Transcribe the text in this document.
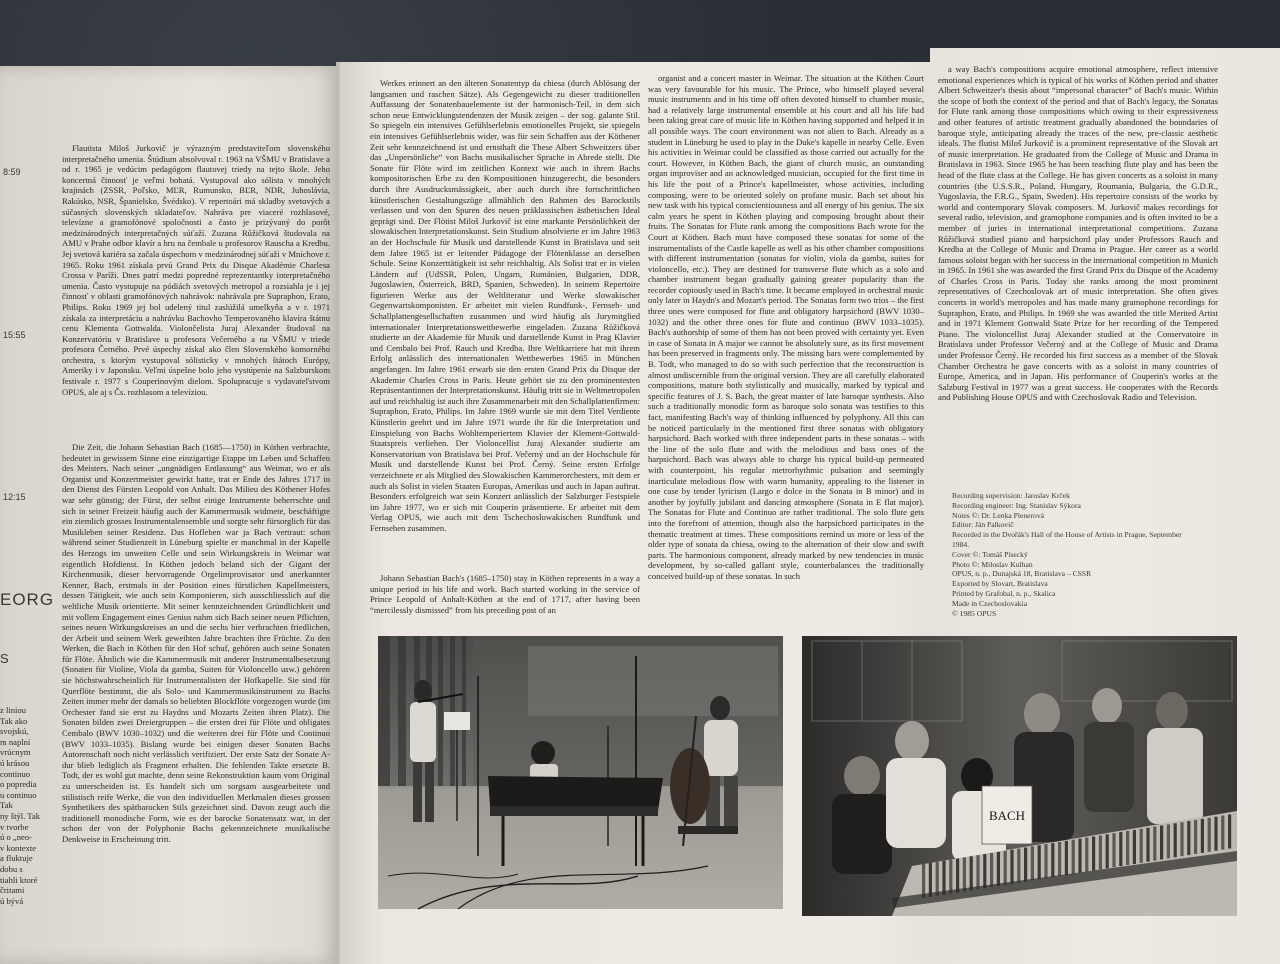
8:59
15:55
12:15
EORG
S

Flautista Miloš Jurkovič je výrazným predstaviteľom slovenského interpretačného umenia. Štúdium absolvoval r. 1963 na VŠMU v Bratislave a od r. 1965 je vedúcim pedagógom flautovej triedy na tejto škole. Jeho koncertná činnosť je veľmi bohatá. Vystupoval ako sólista v mnohých krajinách (ZSSR, Poľsko, MĽR, Rumunsko, BĽR, NDR, Juhoslávia, Rakúsko, NSR, Španielsko, Švédsko). V repertoári má skladby svetových a súčasných slovenských skladateľov. Nahráva pre viaceré rozhlasové, televízne a gramofónové spoločnosti a často je prizývaný do porôt medzinárodných interpretačných súťaží. Zuzana Růžičková študovala na AMU v Prahe odbor klavír a hru na čembale u profesorov Rauscha a Kredbu. Jej svetová kariéra sa začala úspechom v medzinárodnej súťaži v Mníchove r. 1965. Roku 1961 získala prvú Grand Prix du Disque Akadémie Charlesa Crossa v Paríži. Dnes patrí medzi popredné reprezentantky interpretačného umenia. Často vystupuje na pódiách svetových metropol a rozsiahla je i jej činnosť v oblasti gramofónových nahrávok: nahrávala pre Supraphon, Erato, Philips. Roku 1969 jej bol udelený titul zaslúžilá umelkyňa a v r. 1971 získala za interpretáciu a nahrávku Bachovho Temperovaného klavíra štátnu cenu Klementa Gottwalda. Violončelista Juraj Alexander študoval na Konzervatóriu v Bratislave u profesora Večerného a na VŠMU v triede profesora Černého. Prvé úspechy získal ako člen Slovenského komorného orchestra, s ktorým vystupoval sólisticky v mnohých štátoch Európy, Ameriky i v Japonsku. Veľmi úspešne bolo jeho vystúpenie na Salzburskom festivale r. 1977 s Couperinovým dielom. Spolupracuje s vydavateľstvom OPUS, ale aj s Čs. rozhlasom a televíziou.

Die Zeit, die Johann Sebastian Bach (1685—1750) in Köthen verbrachte, bedeutet in gewissem Sinne eine einzigartige Etappe im Leben und Schaffen des Meisters. Nach seiner „ungnädigen Entlassung“ aus Weimar, wo er als Organist und Konzertmeister gewirkt hatte, trat er Ende des Jahres 1717 in den Dienst des Fürsten Leopold von Anhalt. Das Milieu des Köthener Hofes war sehr günstig; der Fürst, der selbst einige Instrumente beherrschte und sich in seiner Freizeit häufig auch der Kammermusik widmete, beschäftigte ein ziemlich grosses Instrumentalensemble und sorgte sehr fürsorglich für das Musikleben seiner Residenz. Das Hofleben war ja Bach vertraut: schon während seiner Studienzeit in Lüneburg spielte er manchmal in der Kapelle des Herzogs im unweiten Celle und sein Wirkungskreis in Weimar war eigentlich Hofdienst. In Köthen jedoch beland sich der Gigant der Kirchenmusik, dieser hervorragende Orgelimprovisator und anerkannter Kenner, Bach, erstmals in der Position eines fürstlichen Kapellmeisters, dessen Tätigkeit, wie auch sein Komponieren, sich ausschliesslich auf die weltliche Musik orientierte. Mit seiner kennzeichnenden Gründlichkeit und mit vollem Engagement eines Genius nahm sich Bach seiner neuen Pflichten, seines neuen Wirkungskreises an und die sechs hier verbrachten friedlichen, der Arbeit und seinem Werk geweihten Jahre brachten ihre Früchte. Zu den Werken, die Bach in Köthen für den Hof schuf, gehören auch seine Sonaten für Flöte. Ähnlich wie die Kammermusik mit anderer Instrumentalbesetzung (Sonaten für Violine, Viola da gamba, Suiten für Violoncello usw.) gehören sie höchstwahrscheinlich für Instrumentalisten der Hofkapelle. Sie sind für Querflöte bestimmt, die als Solo- und Kammermusikinstrument zu Bachs Zeiten immer mehr der damals so beliebten Blockflöte vorgezogen wurde (im Orchester fand sie erst zu Haydns und Mozarts Zeiten ihren Platz). Die Sonaten bilden zwei Dreiergruppen – die ersten drei für Flöte und obligates Cembalo (BWV 1030–1032) und die weiteren drei für Flöte und Continuo (BWV 1033–1035). Bislang wurde bei einigen dieser Sonaten Bachs Autorenschaft noch nicht verlässlich verifiziert. Der erste Satz der Sonate A-dur blieb lediglich als Fragment erhalten. Die fehlenden Takte ersetzte B. Todt, der es wohl gut machte, denn seine Rekonstruktion kaum vom Original zu unterscheiden ist. Es handelt sich um sorgsam ausgearbeitete und stilistisch reife Werke, die von den individuellen Merkmalen dieses grossen Synthetikers des spätbarocken Stils gezeichnet sind. Davon zeugt auch die traditionell monodische Form, wie es der barocke Sonatensatz war, in der schon der von der Polyphonie Bachs gekennzeichnete musikalische Denkweise in Erscheinung tritt.

z liniou
Tak ako
svojskú,
m naplní
vrúcnym
ú krásou
continuo
o popredia
u continuo
Tak
ny štýl. Tak
v tvorbe
ú o „neo-
v kontexte
a fluktuje
dobu s
tiahli ktoré
čritami
ú bývá

Werkes erinnert an den älteren Sonatentyp da chiesa (durch Ablösung der langsamen und raschen Sätze). Als Gegengewicht zu dieser traditionellen Auffassung der Sonatenbauelemente ist der harmonisch-Teil, in dem sich schon neue Entwicklungstendenzen der Musik zeigen – der sog. galante Stil. So spiegeln ein intensives Gefühlserlebnis emotionelles Projekt, sie spiegeln ein intensives Gefühlserlebnis wider, was für sein Schaffen aus der Köthener Zeit sehr kennzeichnend ist und ernsthaft die These Albert Schweitzers über das „Unpersönliche“ von Bachs musikalischer Sprache in Abrede stellt. Die Sonate für Flöte wird im zeitlichen Kontext wie auch in ihrem Bachs kompositorischen Erbe zu den Kompositionen hinzugerecht, die besonders durch ihre Ausdrucksmässigkeit, aber auch durch ihre fortschrittlichen künstlerischen Gestaltungszüge allmählich den Rahmen des Barockstils verlassen und von den Spuren des neuen präklassischen ästhetischen Ideal geprägt sind. Der Flötist Miloš Jurkovič ist eine markante Persönlichkeit der slowakischen Interpretationskunst. Sein Studium absolvierte er im Jahre 1963 an der Hochschule für Musik und darstellende Kunst in Bratislava und seit dem Jahre 1965 ist er leitender Pädagoge der Flötenklasse an derselben Schule. Seine Konzerttätigkeit ist sehr reichhaltig. Als Solist trat er in vielen Ländern auf (UdSSR, Polen, Ungarn, Rumänien, Bulgarien, DDR, Jugoslawien, Österreich, BRD, Spanien, Schweden). In seinem Repertoire figurieren Werke aus der Weltliteratur und Werke slowakischer Gegenwartskomponisten. Er arbeitet mit vielen Rundfunk-, Fernseh- und Schallplattengesellschaften zusammen und wird häufig als Jurymitglied internationaler Interpretationswettbewerbe eingeladen. Zuzana Růžičková studierte an der Akademie für Musik und darstellende Kunst in Prag Klavier und Cembalo bei Prof. Rauch und Kredba. Ihre Weltkarriere hat mit ihrem Erfolg anlässlich des internationalen Wettbewerbes 1965 in München angefangen. Im Jahre 1961 erwarb sie den ersten Grand Prix du Disque der Akademie Charles Cross in Paris. Heute gehört sie zu den prominentesten Repräsentantinnen der Interpretationskunst. Häufig tritt sie in Weltmetropolen auf und reichhaltig ist auch ihre Zusammenarbeit mit den Schallplattenfirmen: Supraphon, Erato, Philips. Im Jahre 1969 wurde sie mit dem Titel Verdiente Künstlerin geehrt und im Jahre 1971 wurde ihr für die Interpretation und Einspielung von Bachs Wohltemperiertem Klavier der Klement-Gottwald-Staatspreis verliehen. Der Violoncellist Juraj Alexander studierte am Konservatorium von Bratislava bei Prof. Večerný und an der Hochschule für Musik und darstellende Kunst bei Prof. Černý. Seine ersten Erfolge verzeichnete er als Mitglied des Slowakischen Kammerorchesters, mit dem er auch als Solist in vielen Staaten Europas, Amerikas und auch in Japan auftrat. Besonders erfolgreich war sein Konzert anlässlich der Salzburger Festspiele im Jahre 1977, wo er sich mit Couperin präsentierte. Er arbeitet mit dem Verlag OPUS, wie auch mit dem Tschechoslowakischen Rundfunk und Fernsehen zusammen.

Johann Sebastian Bach's (1685–1750) stay in Köthen represents in a way a unique period in his life and work. Bach started working in the service of Prince Leopold of Anhalt-Köthen at the end of 1717, after having been “mercilessly dismissed” from his preceding post of an

organist and a concert master in Weimar. The situation at the Köthen Court was very favourable for his music. The Prince, who himself played several music instruments and in his time off often devoted himself to chamber music, had a relatively large instrumental ensemble at his court and all his life had been taking great care of music life in Köthen having supported and helped it in all possible ways. The court environment was not alien to Bach. Already as a student in Lüneburg he used to play in the Duke's kapelle in nearby Celle. Even his activities in Weimar could be classified as those carried out actually for the court. However, in Köthen Bach, the giant of church music, an outstanding organ improviser and an acknowledged musician, occupied for the first time in his life the post of a Prince's kapellmeister, whose activities, including composing, were to be oriented solely on profane music. Bach set about his new task with his typical conscientiousness and all energy of his genius. The six calm years he spent in Köthen playing and composing brought about their fruits. The Sonatas for Flute rank among the compositions Bach wrote for the Court at Köthen. Bach must have composed these sonatas for some of the instrumentalists of the Castle kapelle as well as his other chamber compositions with different instrumentation (sonatas for violin, viola da gamba, suites for violoncello, etc.). They are destined for transverse flute which as a solo and chamber instrument began gradually gaining greater popularity than the recorder copiously used in Bach's time. It became employed in orchestral music only later in Haydn's and Mozart's period. The Sonatas form two trios – the first three ones were composed for flute and obligatory harpsichord (BWV 1030–1032) and the other three ones for flute and continuo (BWV 1033–1035). Bach's authorship of some of them has not been proved with certainty yet. Even in case of Sonata in A major we cannot be absolutely sure, as its first movement has been preserved in fragments only. The missing bars were complemented by B. Todt, who managed to do so with such perfection that the reconstruction is almost undiscernible from the original version. They are all carefully elaborated compositions, mature both stylistically and musically, marked by typical and specific features of J. S. Bach, the great master of late baroque synthesis. Also such a traditionally monodic form as baroque solo sonata was testifies to this fact, manifesting Bach's way of thinking influenced by polyphony. All this can be noticed particularly in the mentioned first three sonatas with obligatory harpsichord. Bach worked with three independent parts in these sonatas – with the line of the solo flute and with the melodious and bass ones of the harpsichord. Bach was always able to charge his typical build-up permeated with counterpoint, his regular metrorhythmic pulsation and seemingly inarticulate melodious flow with warm humanity, appealing to the listener in one case by tender lyricism (Largo e dolce in the Sonata in B minor) and in another by joyfully jubilant and dancing atmosphere (Sonata in E flat major). The Sonatas for Flute and Continuo are rather traditional. The solo flute gets into the forefront of attention, though also the harpsichord participates in the thematic treatment at times. These compositions remind us more or less of the older type of sonata da chiesa, owing to the alternation of their slow and swift parts. The harmonious component, already marked by new tendencies in music development, by so-called gallant style, counterbalances the traditionally conceived build-up of these sonatas. In such

a way Bach's compositions acquire emotional atmosphere, reflect intensive emotional experiences which is typical of his works of Köthen period and shatter Albert Schweitzer's thesis about “impersonal character” of Bach's music. Within the scope of both the context of the period and that of Bach's legacy, the Sonatas for Flute rank among those compositions which owing to their expressiveness and other features of artistic treatment gradually abandoned the boundaries of baroque style, anticipating already the traces of the new, pre-classic aesthetic ideals. The flutist Miloš Jurkovič is a prominent representative of the Slovak art of music interpretation. He graduated from the College of Music and Drama in Bratislava in 1963. Since 1965 he has been teaching flute play and has been the head of the flute class at the College. He has given concerts as a soloist in many countries (the U.S.S.R., Poland, Hungary, Roumania, Bulgaria, the G.D.R., Yugoslavia, the F.R.G., Spain, Sweden). His repertoire consists of the works by world and contemporary Slovak composers. M. Jurkovič makes recordings for several radio, television, and gramophone companies and is often invited to be a member of juries in international interpretational competitions. Zuzana Růžičková studied piano and harpsichord play under Professors Rauch and Kredba at the College of Music and Drama in Prague. Her career as a world famous soloist began with her success in the international competition in Munich in 1965. In 1961 she was awarded the first Grand Prix du Disque of the Academy of Charles Cross in Paris. Today she ranks among the most prominent representatives of Czechoslovak art of music interpretation. She often gives concerts in world's metropoles and has made many gramophone recordings for Supraphon, Erato, and Philips. In 1969 she was awarded the title Merited Artist and in 1971 Klement Gottwald State Prize for her recording of the Tempered Piano. The violoncellist Juraj Alexander studied at the Conservatoire in Bratislava under Professor Večerný and at the College of Music and Drama under Professor Černý. He recorded his first success as a member of the Slovak Chamber Orchestra he gave concerts with as a soloist in many countries of Europe, America, and in Japan. His performance of Couperin's works at the Salzburg Festival in 1977 was a great success. He cooperates with the Records and Publishing House OPUS and with Czechoslovak Radio and Television.

Recording supervision: Jaroslav Krček
Recording engineer: Ing. Stanislav Sýkora
Notes ©: Dr. Lenka Plenerová
Editor: Ján Palkovič
Recorded in the Dvořák's Hall of the House of Artists in Prague, September
1984.
Cover ©: Tomáš Písecký
Photo ©: Miloslav Kulhan
OPUS, n. p., Dunajská 18, Bratislava – CSSR
Exported by Slovart, Bratislava
Printed by Grafobal, n. p., Skalica
Made in Czechoslovakia
© 1985 OPUS
BACH
